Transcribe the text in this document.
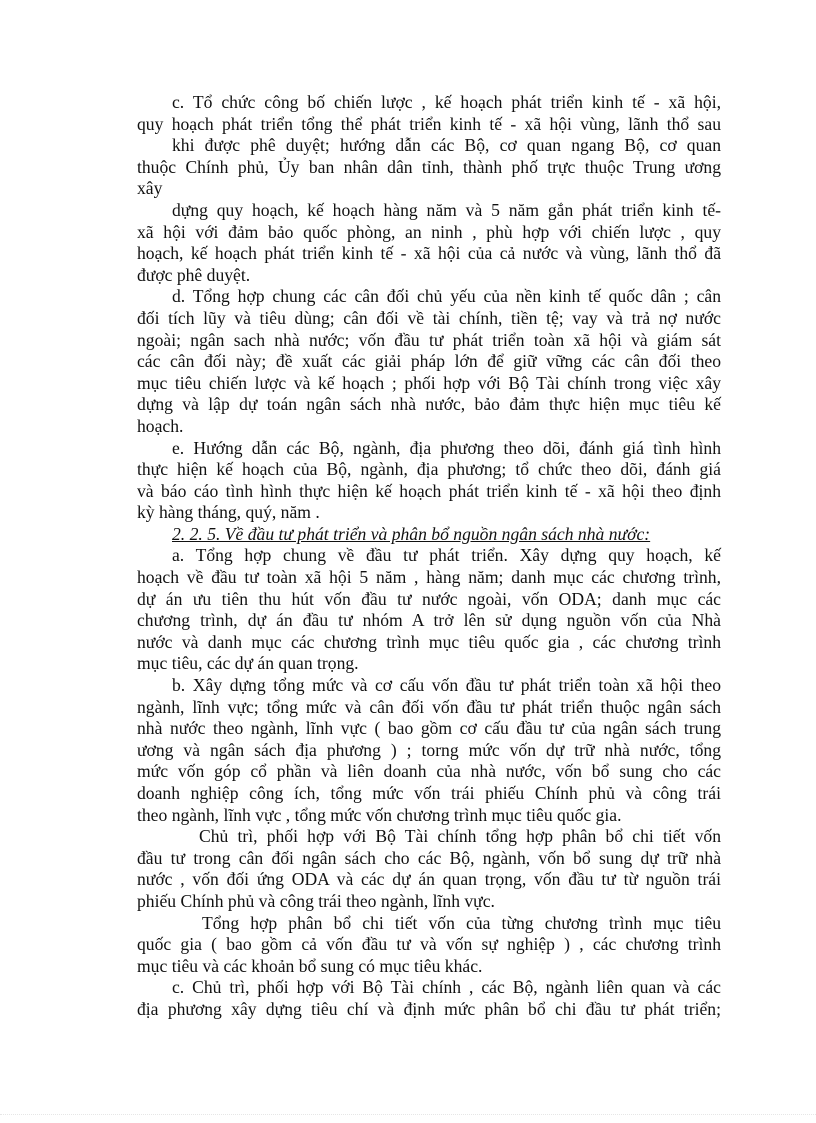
c. Tổ chức công bố chiến lược , kế hoạch phát triển kinh tế - xã hội,

quy hoạch phát triển tổng thể phát triển kinh tế - xã hội vùng, lãnh thổ sau

khi được phê duyệt; hướng dẫn các Bộ, cơ quan ngang Bộ, cơ quan

thuộc Chính phủ, Ủy ban nhân dân tỉnh, thành phố trực thuộc Trung ương

xây

dựng quy hoạch, kế hoạch hàng năm và 5 năm gắn phát triển kinh tế-

xã hội với đảm bảo quốc phòng, an ninh , phù hợp với chiến lược , quy

hoạch, kế hoạch phát triển kinh tế - xã hội của cả nước và vùng, lãnh thổ đã

được phê duyệt.

d. Tổng hợp chung các cân đối chủ yếu của nền kinh tế quốc dân ; cân

đối tích lũy và tiêu dùng; cân đối về tài chính, tiền tệ; vay và trả nợ nước

ngoài; ngân sach nhà nước; vốn đầu tư phát triển toàn xã hội và giám sát

các cân đối này; đề xuất các giải pháp lớn để giữ vững các cân đối theo

mục tiêu chiến lược và kế hoạch ; phối hợp với Bộ Tài chính trong việc xây

dựng và lập dự toán ngân sách nhà nước, bảo đảm thực hiện mục tiêu kế

hoạch.

e. Hướng dẫn các Bộ, ngành, địa phương theo dõi, đánh giá tình hình

thực hiện kế hoạch của Bộ, ngành, địa phương; tổ chức theo dõi, đánh giá

và báo cáo tình hình thực hiện kế hoạch phát triển kinh tế - xã hội theo định

kỳ hàng tháng, quý, năm .

2. 2. 5. Về đầu tư phát triển và phân bổ nguồn ngân sách nhà nước:

a. Tổng hợp chung về đầu tư phát triển. Xây dựng quy hoạch, kế

hoạch về đầu tư toàn xã hội 5 năm , hàng năm; danh mục các chương trình,

dự án ưu tiên thu hút vốn đầu tư nước ngoài, vốn ODA; danh mục các

chương trình, dự án đầu tư nhóm A trở lên sử dụng nguồn vốn của Nhà

nước và danh mục các chương trình mục tiêu quốc gia , các chương trình

mục tiêu, các dự án quan trọng.

b. Xây dựng tổng mức và cơ cấu vốn đầu tư phát triển toàn xã hội theo

ngành, lĩnh vực; tổng mức và cân đối vốn đầu tư phát triển thuộc ngân sách

nhà nước theo ngành, lĩnh vực ( bao gồm cơ cấu đầu tư của ngân sách trung

ương và ngân sách địa phương ) ; torng mức vốn dự trữ nhà nước, tổng

mức vốn góp cổ phần và liên doanh của nhà nước, vốn bổ sung cho các

doanh nghiệp công ích, tổng mức vốn trái phiếu Chính phủ và công trái

theo ngành, lĩnh vực , tổng mức vốn chương trình mục tiêu quốc gia.

Chủ trì, phối hợp với Bộ Tài chính tổng hợp phân bổ chi tiết vốn

đầu tư trong cân đối ngân sách cho các Bộ, ngành, vốn bổ sung dự trữ nhà

nước , vốn đối ứng ODA và các dự án quan trọng, vốn đầu tư từ nguồn trái

phiếu Chính phủ và công trái theo ngành, lĩnh vực.

Tổng hợp phân bổ chi tiết vốn của từng chương trình mục tiêu

quốc gia ( bao gồm cả vốn đầu tư và vốn sự nghiệp ) , các chương trình

mục tiêu và các khoản bổ sung có mục tiêu khác.

c. Chủ trì, phối hợp với Bộ Tài chính , các Bộ, ngành liên quan và các

địa phương xây dựng tiêu chí và định mức phân bổ chi đầu tư phát triển;
